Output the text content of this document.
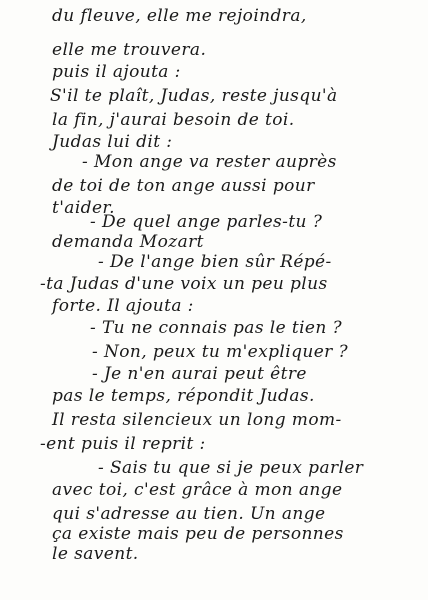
du fleuve, elle me rejoindra,
elle me trouvera.
puis il ajouta :
S'il te plaît, Judas, reste jusqu'à
la fin, j'aurai besoin de toi.
Judas lui dit :
- Mon ange va rester auprès
de toi de ton ange aussi pour
t'aider.
- De quel ange parles-tu ?
demanda Mozart
- De l'ange bien sûr Répé-
-ta Judas d'une voix un peu plus
forte. Il ajouta :
- Tu ne connais pas le tien ?
- Non, peux tu m'expliquer ?
- Je n'en aurai peut être
pas le temps, répondit Judas.
Il resta silencieux un long mom-
-ent puis il reprit :
- Sais tu que si je peux parler
avec toi, c'est grâce à mon ange
qui s'adresse au tien. Un ange
ça existe mais peu de personnes
le savent.
